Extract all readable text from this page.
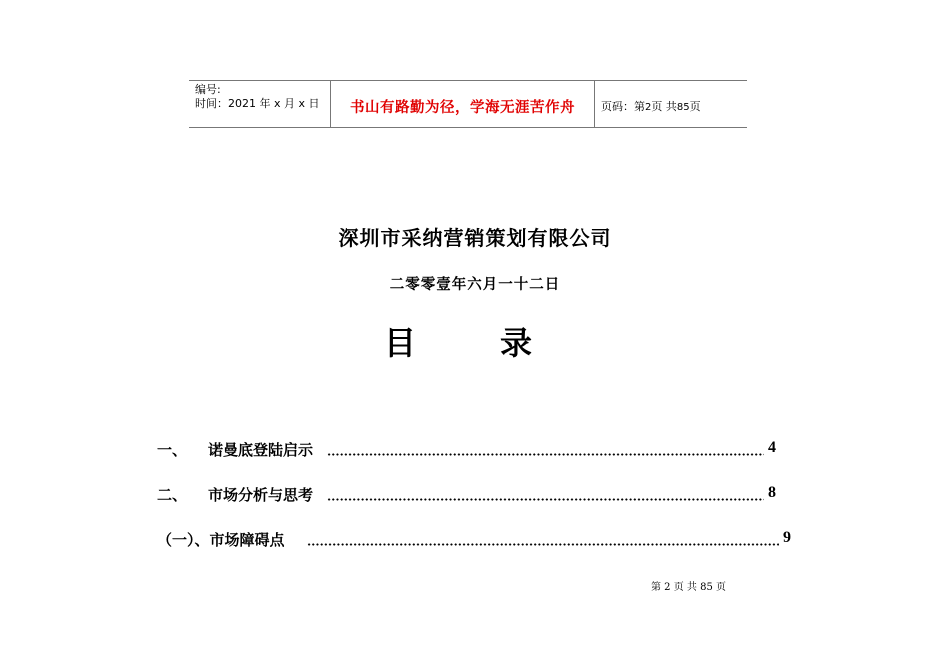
编号:
时间：2021 年 x 月 x 日	书山有路勤为径，学海无涯苦作舟	页码：第2页 共85页
深圳市采纳营销策划有限公司
二零零壹年六月一十二日
目	录
一、 诺曼底登陆启示	4
二、 市场分析与思考	8
（一）、市场障碍点	9
第 2 页 共 85 页
